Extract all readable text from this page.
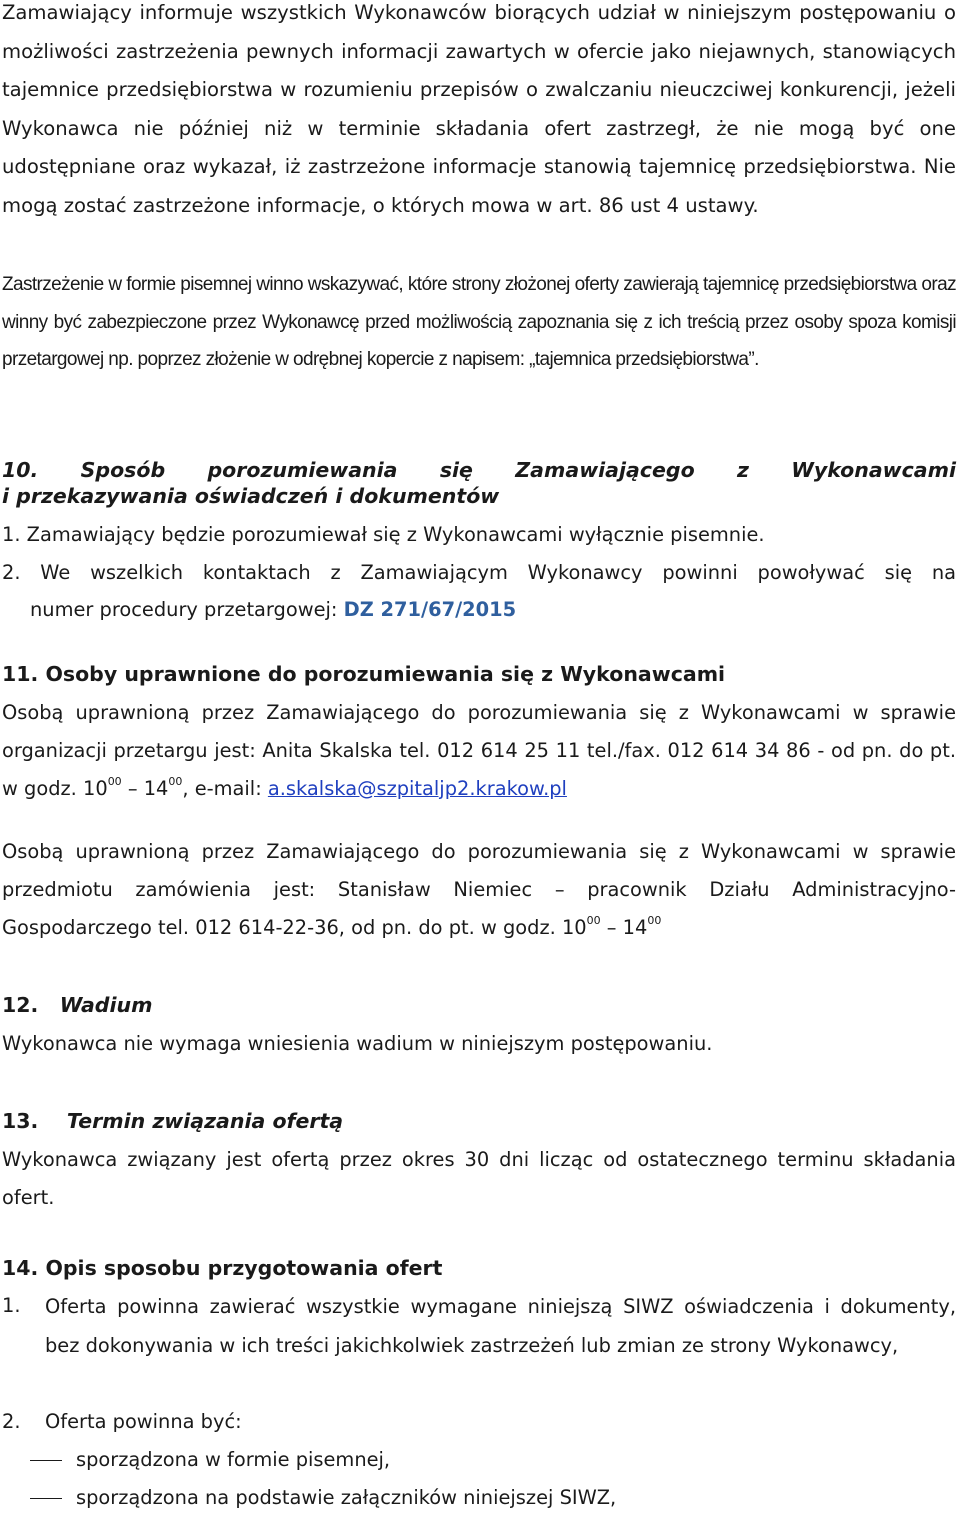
Zamawiający informuje wszystkich Wykonawców biorących udział w niniejszym postępowaniu o możliwości zastrzeżenia pewnych informacji zawartych w ofercie jako niejawnych, stanowiących tajemnice przedsiębiorstwa w rozumieniu przepisów o zwalczaniu nieuczciwej konkurencji, jeżeli Wykonawca nie później niż w terminie składania ofert zastrzegł, że nie mogą być one udostępniane oraz wykazał, iż zastrzeżone informacje stanowią tajemnicę przedsiębiorstwa. Nie mogą zostać zastrzeżone informacje, o których mowa w art. 86 ust 4 ustawy.
Zastrzeżenie w formie pisemnej winno wskazywać, które strony złożonej oferty zawierają tajemnicę przedsiębiorstwa oraz winny być zabezpieczone przez Wykonawcę przed możliwością zapoznania się z ich treścią przez osoby spoza komisji przetargowej np. poprzez złożenie w odrębnej kopercie z napisem: „tajemnica przedsiębiorstwa”.
10. Sposób porozumiewania się Zamawiającego z Wykonawcami
i przekazywania oświadczeń i dokumentów
1. Zamawiający będzie porozumiewał się z Wykonawcami wyłącznie pisemnie.
2. We wszelkich kontaktach z Zamawiającym Wykonawcy powinni powoływać się na
numer procedury przetargowej: DZ 271/67/2015
11. Osoby uprawnione do porozumiewania się z Wykonawcami
Osobą uprawnioną przez Zamawiającego do porozumiewania się z Wykonawcami w sprawie organizacji przetargu jest: Anita Skalska tel. 012 614 25 11 tel./fax. 012 614 34 86 - od pn. do pt. w godz. $10^{00} - 14^{00}$, e-mail: a.skalska@szpitaljp2.krakow.pl
Osobą uprawnioną przez Zamawiającego do porozumiewania się z Wykonawcami w sprawie przedmiotu zamówienia jest: Stanisław Niemiec – pracownik Działu Administracyjno-Gospodarczego tel. 012 614-22-36, od pn. do pt. w godz. $10^{00} - 14^{00}$
12. Wadium
Wykonawca nie wymaga wniesienia wadium w niniejszym postępowaniu.
13. Termin związania ofertą
Wykonawca związany jest ofertą przez okres 30 dni licząc od ostatecznego terminu składania ofert.
14. Opis sposobu przygotowania ofert
1. Oferta powinna zawierać wszystkie wymagane niniejszą SIWZ oświadczenia i dokumenty, bez dokonywania w ich treści jakichkolwiek zastrzeżeń lub zmian ze strony Wykonawcy,
2. Oferta powinna być:
sporządzona w formie pisemnej,
sporządzona na podstawie załączników niniejszej SIWZ,
